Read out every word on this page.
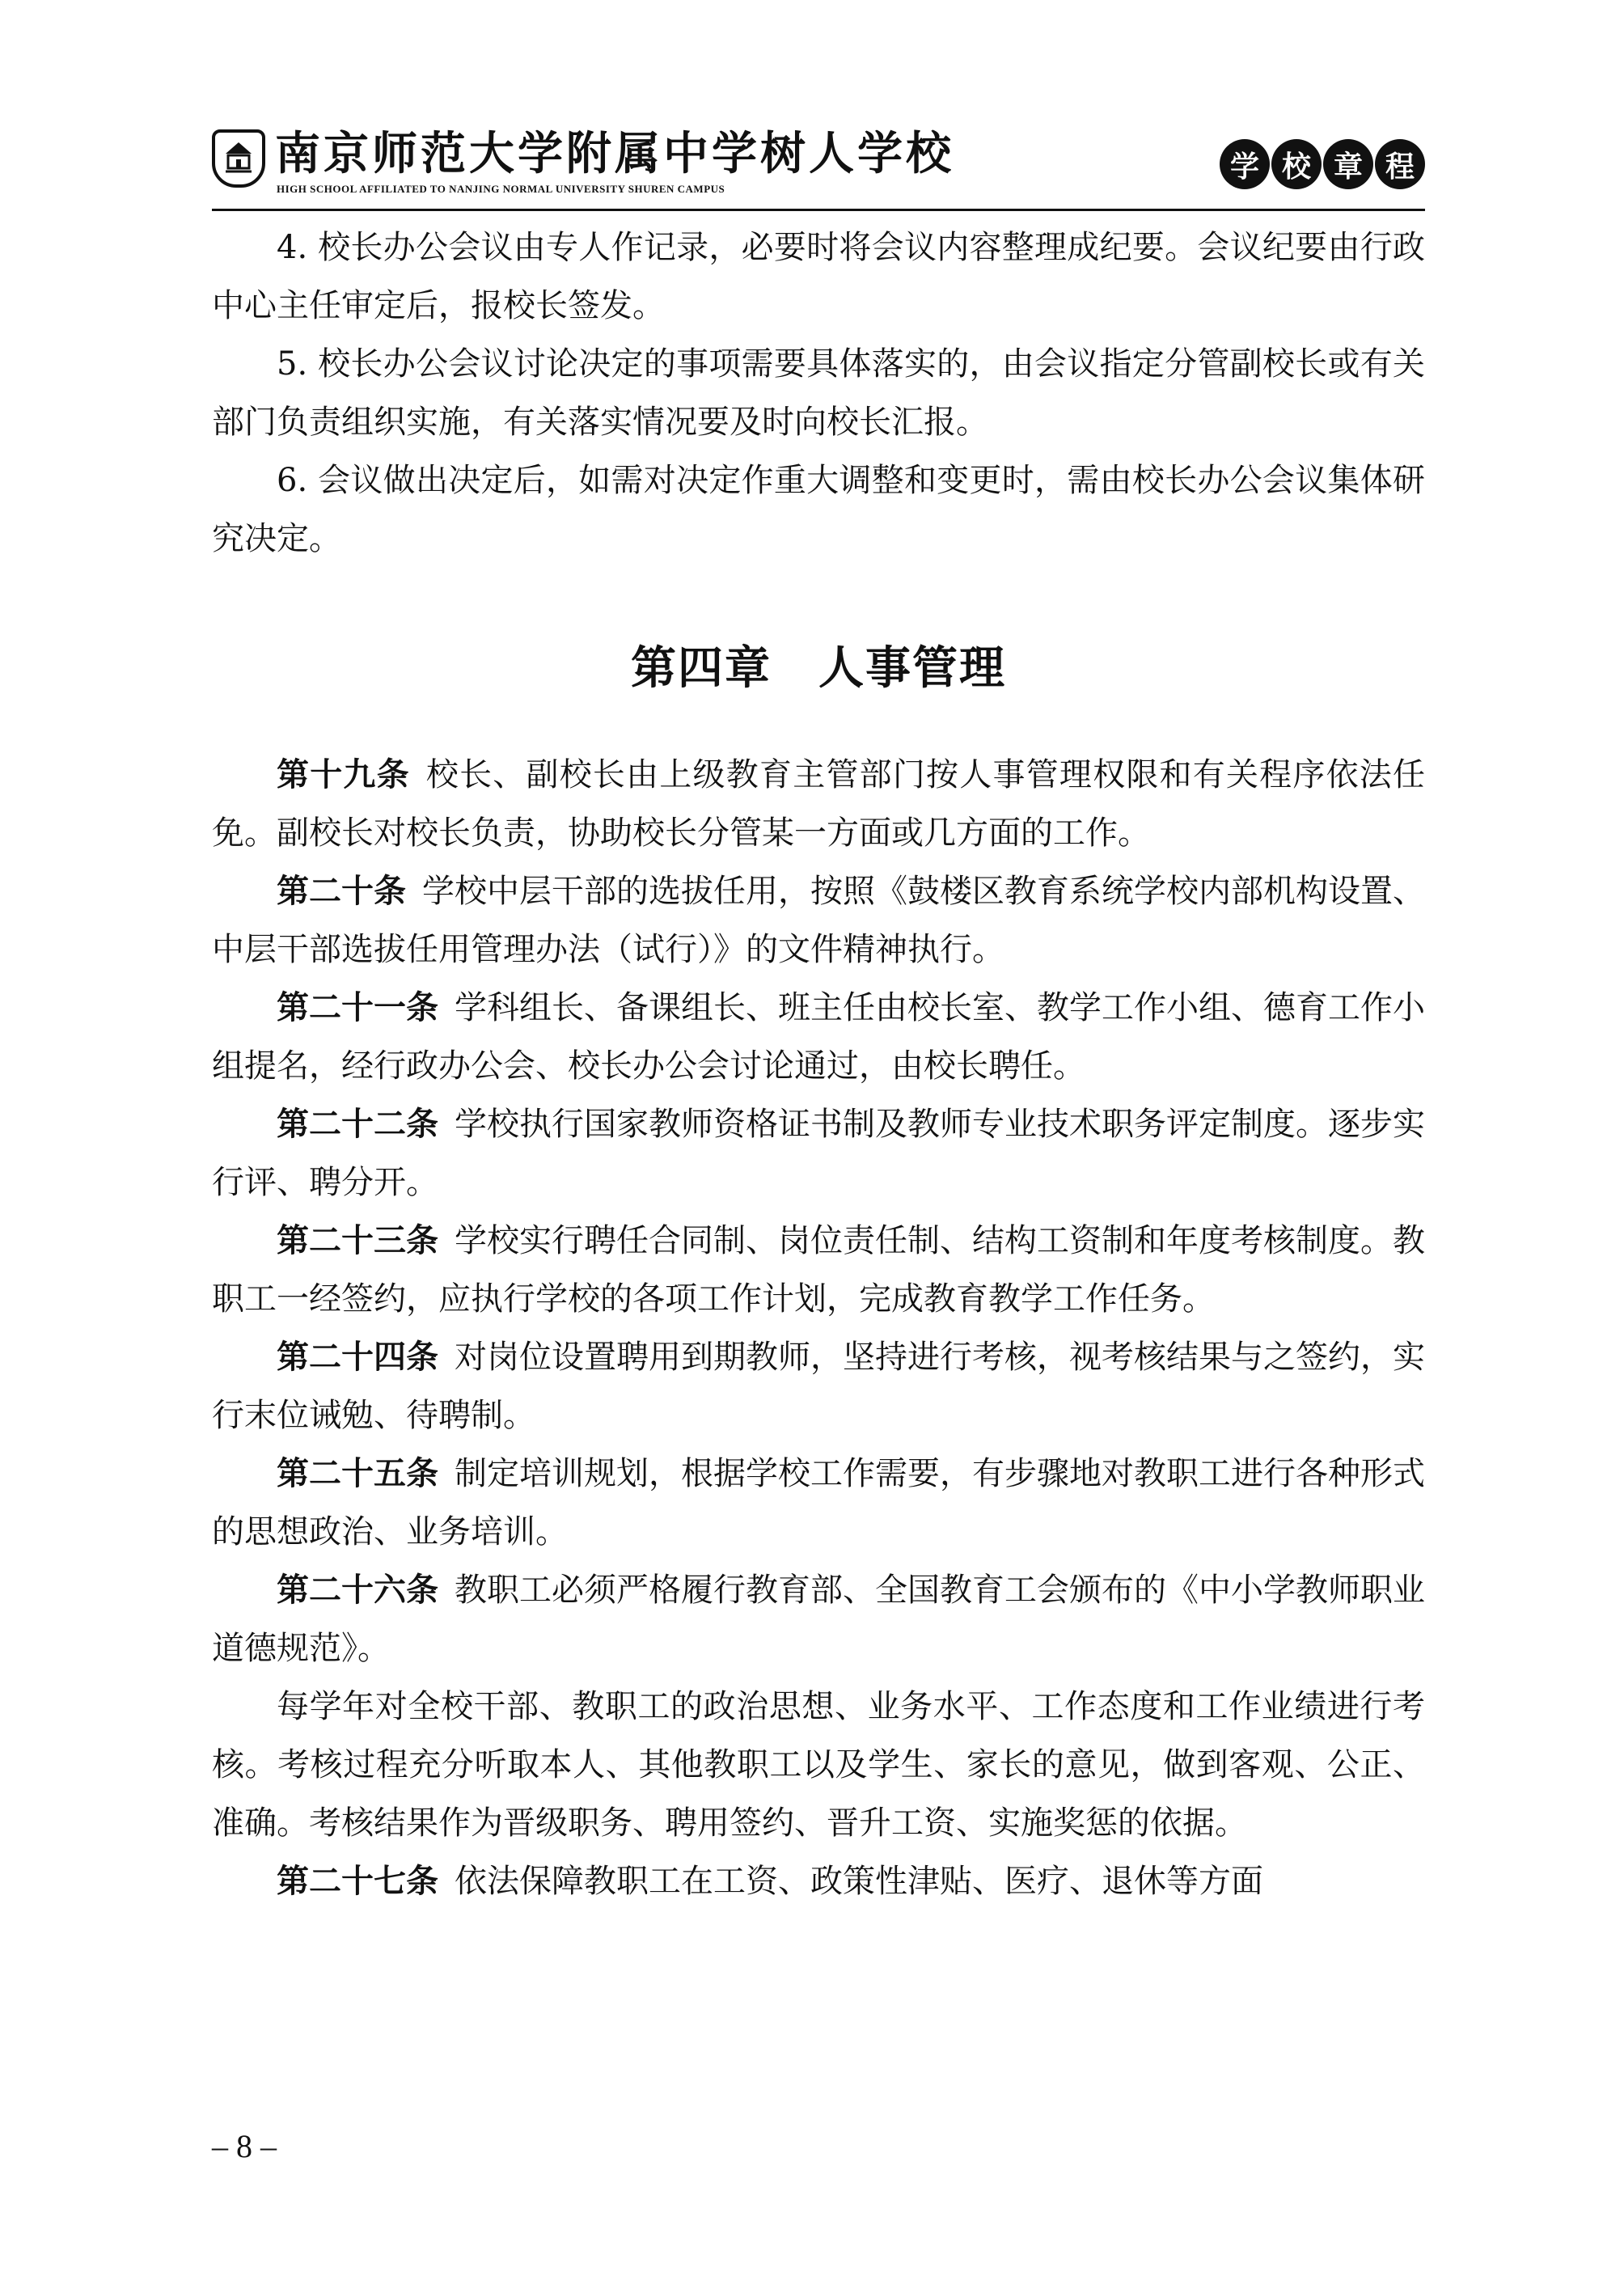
南京师范大学附属中学树人学校
HIGH SCHOOL AFFILIATED TO NANJING NORMAL UNIVERSITY SHUREN CAMPUS
学 校 章 程

4. 校长办公会议由专人作记录，必要时将会议内容整理成纪要。会议纪要由行政中心主任审定后，报校长签发。

5. 校长办公会议讨论决定的事项需要具体落实的，由会议指定分管副校长或有关部门负责组织实施，有关落实情况要及时向校长汇报。

6. 会议做出决定后，如需对决定作重大调整和变更时，需由校长办公会议集体研究决定。

第四章　人事管理

第十九条 校长、副校长由上级教育主管部门按人事管理权限和有关程序依法任免。副校长对校长负责，协助校长分管某一方面或几方面的工作。

第二十条 学校中层干部的选拔任用，按照《鼓楼区教育系统学校内部机构设置、中层干部选拔任用管理办法（试行）》的文件精神执行。

第二十一条 学科组长、备课组长、班主任由校长室、教学工作小组、德育工作小组提名，经行政办公会、校长办公会讨论通过，由校长聘任。

第二十二条 学校执行国家教师资格证书制及教师专业技术职务评定制度。逐步实行评、聘分开。

第二十三条 学校实行聘任合同制、岗位责任制、结构工资制和年度考核制度。教职工一经签约，应执行学校的各项工作计划，完成教育教学工作任务。

第二十四条 对岗位设置聘用到期教师，坚持进行考核，视考核结果与之签约，实行末位诫勉、待聘制。

第二十五条 制定培训规划，根据学校工作需要，有步骤地对教职工进行各种形式的思想政治、业务培训。

第二十六条 教职工必须严格履行教育部、全国教育工会颁布的《中小学教师职业道德规范》。

每学年对全校干部、教职工的政治思想、业务水平、工作态度和工作业绩进行考核。考核过程充分听取本人、其他教职工以及学生、家长的意见，做到客观、公正、准确。考核结果作为晋级职务、聘用签约、晋升工资、实施奖惩的依据。

第二十七条 依法保障教职工在工资、政策性津贴、医疗、退休等方面

– 8 –
